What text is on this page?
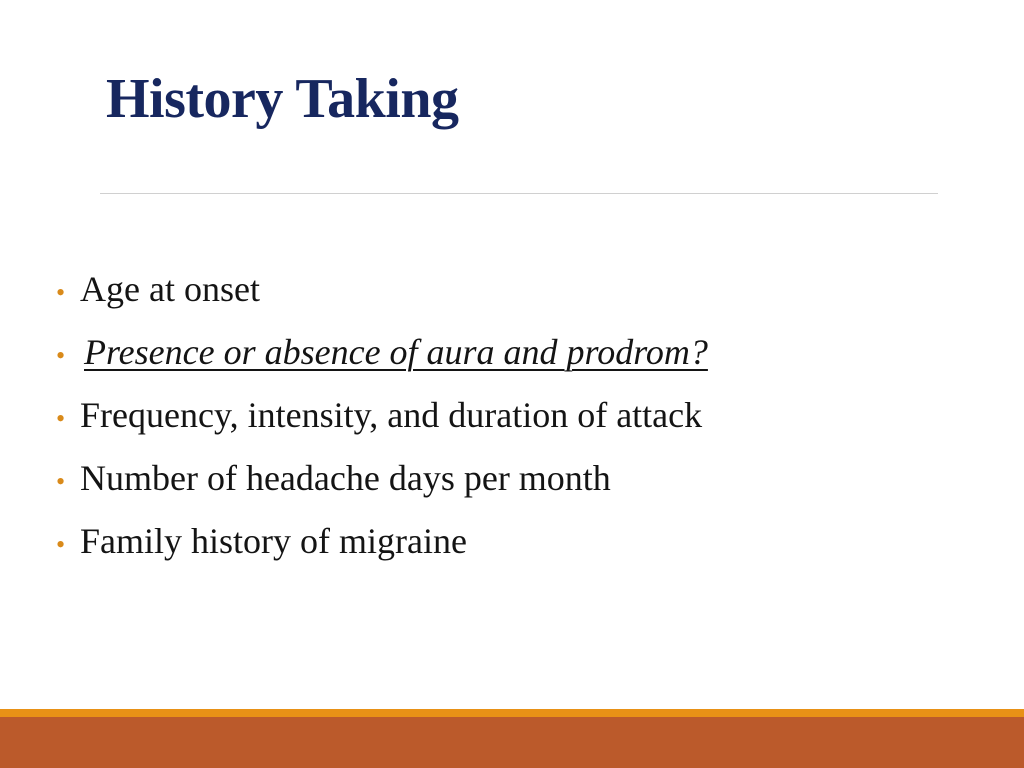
History Taking
• Age at onset
• Presence or absence of aura and prodrom?
• Frequency, intensity, and duration of attack
• Number of headache days per month
• Family history of migraine
